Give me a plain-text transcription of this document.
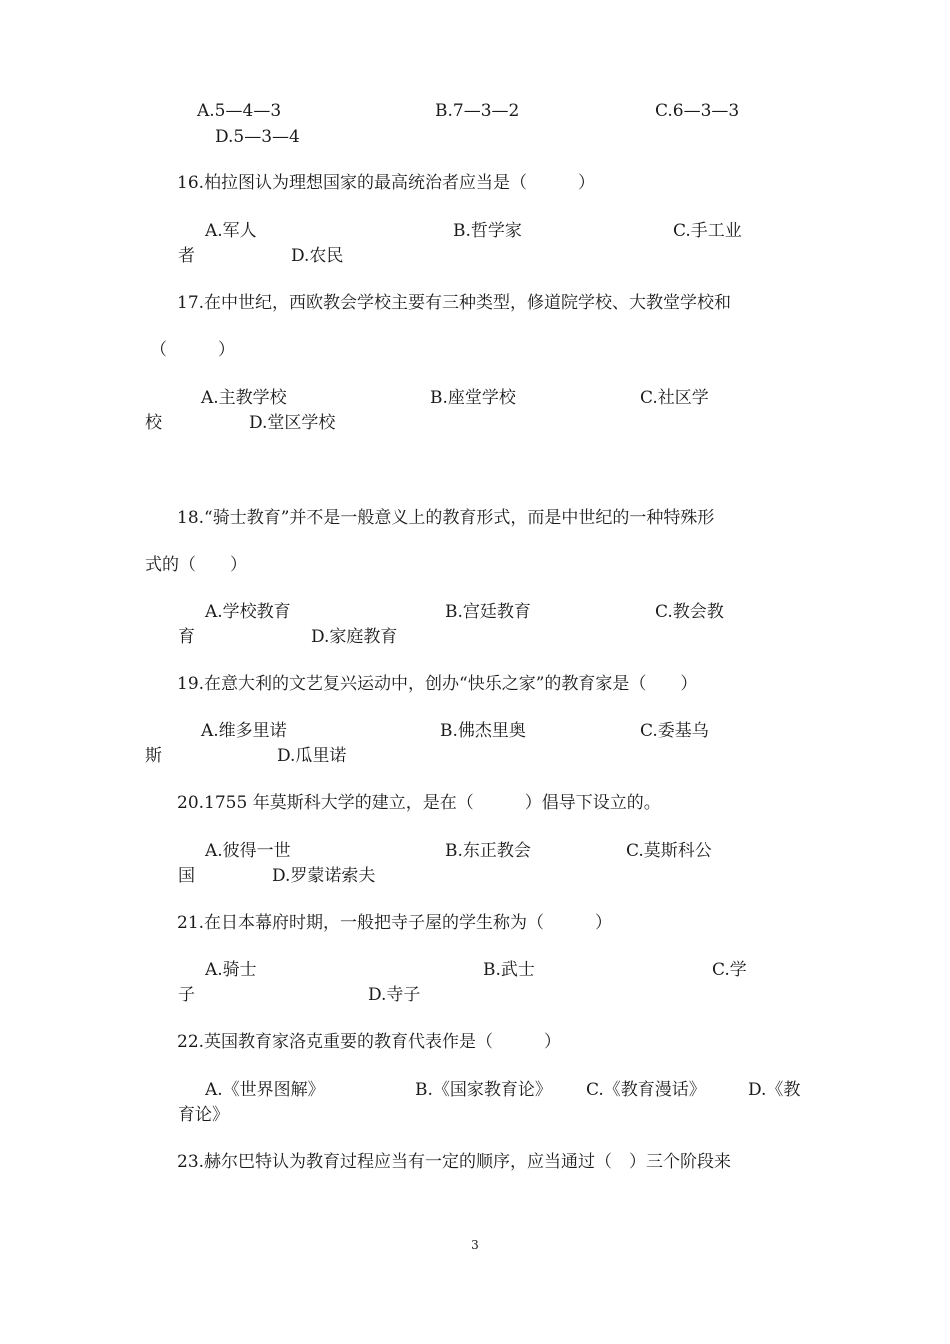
A.5—4—3	B.7—3—2	C.6—3—3
D.5—3—4
16.柏拉图认为理想国家的最高统治者应当是（　　　）
A.军人	B.哲学家	C.手工业
者	D.农民
17.在中世纪，西欧教会学校主要有三种类型，修道院学校、大教堂学校和
（　　　）
A.主教学校	B.座堂学校	C.社区学
校	D.堂区学校
18.“骑士教育”并不是一般意义上的教育形式，而是中世纪的一种特殊形
式的（　　）
A.学校教育	B.宫廷教育	C.教会教
育	D.家庭教育
19.在意大利的文艺复兴运动中，创办“快乐之家”的教育家是（　　）
A.维多里诺	B.佛杰里奥	C.委基乌
斯	D.瓜里诺
20.1755 年莫斯科大学的建立，是在（　　　）倡导下设立的。
A.彼得一世	B.东正教会	C.莫斯科公
国	D.罗蒙诺索夫
21.在日本幕府时期，一般把寺子屋的学生称为（　　　）
A.骑士	B.武士	C.学
子	D.寺子
22.英国教育家洛克重要的教育代表作是（　　　）
A.《世界图解》	B.《国家教育论》 C.《教育漫话》 D.《教
育论》
23.赫尔巴特认为教育过程应当有一定的顺序，应当通过（　）三个阶段来
3
